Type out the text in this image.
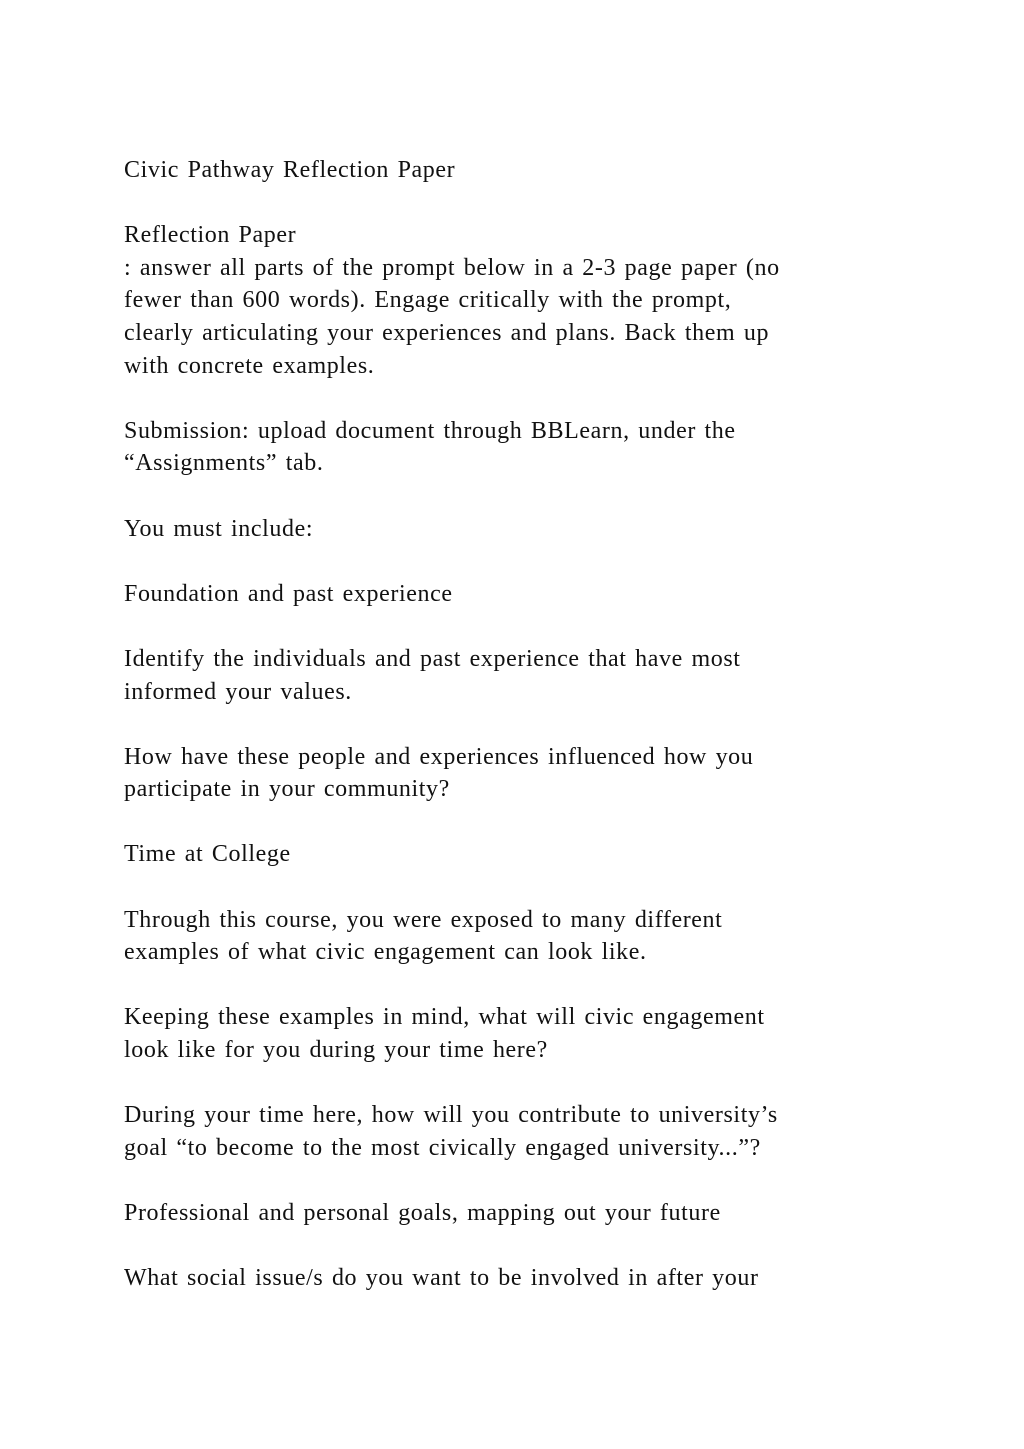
Civic Pathway Reflection Paper
Reflection Paper
: answer all parts of the prompt below in a 2-3 page paper (no
fewer than 600 words). Engage critically with the prompt,
clearly articulating your experiences and plans. Back them up
with concrete examples.
Submission: upload document through BBLearn, under the
“Assignments” tab.
You must include:
Foundation and past experience
Identify the individuals and past experience that have most
informed your values.
How have these people and experiences influenced how you
participate in your community?
Time at College
Through this course, you were exposed to many different
examples of what civic engagement can look like.
Keeping these examples in mind, what will civic engagement
look like for you during your time here?
During your time here, how will you contribute to university’s
goal “to become to the most civically engaged university...”?
Professional and personal goals, mapping out your future
What social issue/s do you want to be involved in after your
